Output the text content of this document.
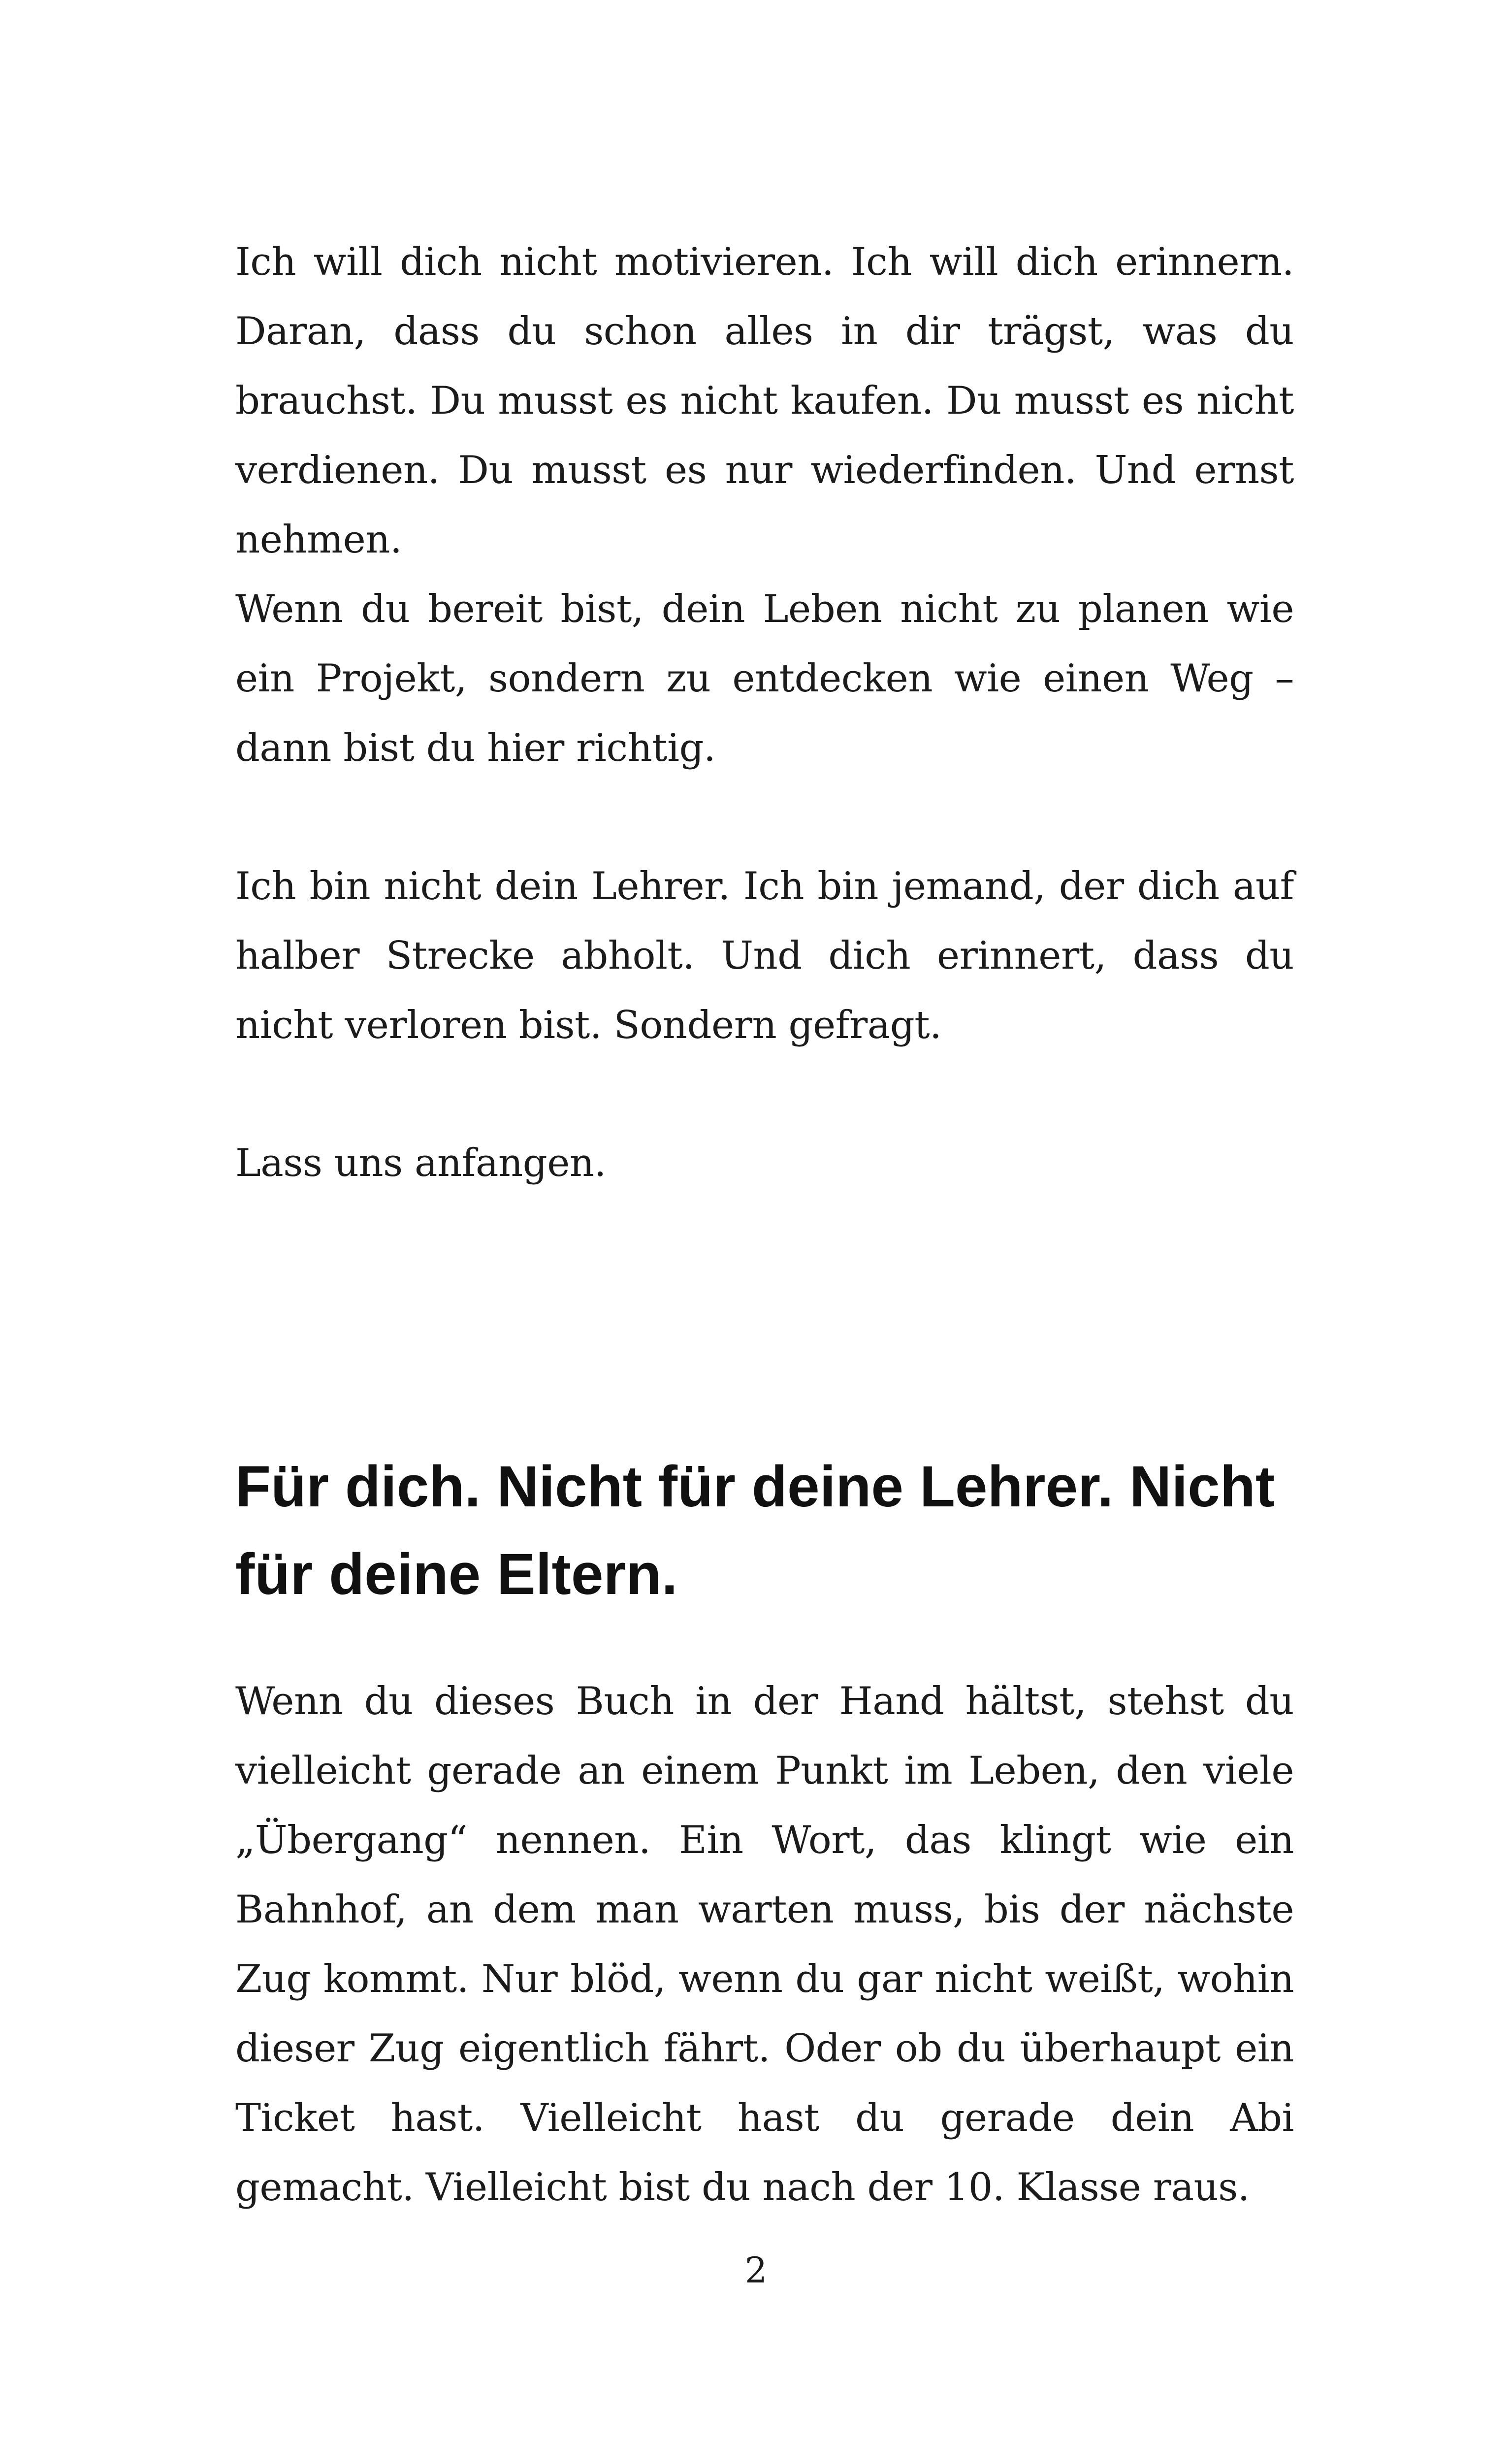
Ich will dich nicht motivieren. Ich will dich erinnern. Daran, dass du schon alles in dir trägst, was du brauchst. Du musst es nicht kaufen. Du musst es nicht verdienen. Du musst es nur wiederfinden. Und ernst nehmen.

Wenn du bereit bist, dein Leben nicht zu planen wie ein Projekt, sondern zu entdecken wie einen Weg – dann bist du hier richtig.

Ich bin nicht dein Lehrer. Ich bin jemand, der dich auf halber Strecke abholt. Und dich erinnert, dass du nicht verloren bist. Sondern gefragt.

Lass uns anfangen.

Für dich. Nicht für deine Lehrer. Nicht für deine Eltern.

Wenn du dieses Buch in der Hand hältst, stehst du vielleicht gerade an einem Punkt im Leben, den viele „Übergang“ nennen. Ein Wort, das klingt wie ein Bahnhof, an dem man warten muss, bis der nächste Zug kommt. Nur blöd, wenn du gar nicht weißt, wohin dieser Zug eigentlich fährt. Oder ob du überhaupt ein Ticket hast. Vielleicht hast du gerade dein Abi gemacht. Vielleicht bist du nach der 10. Klasse raus.

2
